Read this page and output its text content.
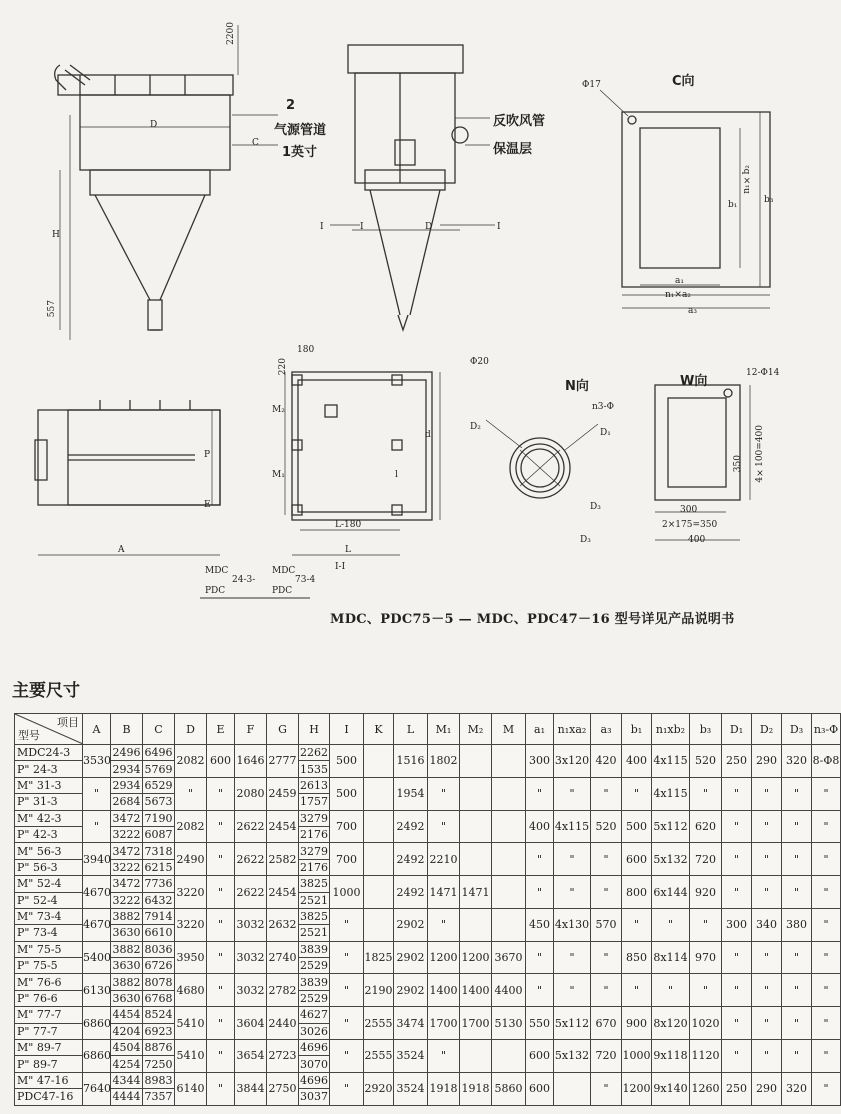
2200
D
H
557
C
I	I	D	I
2
气源管道
1英寸
反吹风管
保温层
C向
Φ17
b₁
n₁×b₂
b₃
a₁
n₁×a₂
a₃
A
P
E
180
220
M₂
M₁
d
l
L-180
L
I-I
N向
Φ20
n3-Φ
D₂
D₁
D₃
D₃
W向
12-Φ14
350 4×100=400
300
2×175=350
400
MDC
24-3-
PDC
MDC
73-4
PDC
MDC、PDC75－5 — MDC、PDC47－16 型号详见产品说明书
主要尺寸
项目
型号	A	B	C	D	E	F	G	H	I	K	L	M₁	M₂	M	a₁	n₁xa₂	a₃	b₁	n₁xb₂	b₃	D₁	D₂	D₃	n₃-Φ
MDC24-3	3530	2496	6496	2082	600	1646	2777	2262	500		1516	1802			300	3x120	420	400	4x115	520	250	290	320	8-Φ8
P" 24-3		2934	5769					1535																
M" 31-3	"	2934	6529	"	"	2080	2459	2613	500		1954	"			"	"	"	"	4x115	"	"	"	"	"
P" 31-3		2684	5673					1757																
M" 42-3	"	3472	7190	2082	"	2622	2454	3279	700		2492	"			400	4x115	520	500	5x112	620	"	"	"	"
P" 42-3		3222	6087					2176																
M" 56-3	3940	3472	7318	2490	"	2622	2582	3279	700		2492	2210			"	"	"	600	5x132	720	"	"	"	"
P" 56-3		3222	6215					2176																
M" 52-4	4670	3472	7736	3220	"	2622	2454	3825	1000		2492	1471	1471		"	"	"	800	6x144	920	"	"	"	"
P" 52-4		3222	6432					2521																
M" 73-4	4670	3882	7914	3220	"	3032	2632	3825	"		2902	"			450	4x130	570	"	"	"	300	340	380	"
P" 73-4		3630	6610					2521																
M" 75-5	5400	3882	8036	3950	"	3032	2740	3839	"	1825	2902	1200	1200	3670	"	"	"	850	8x114	970	"	"	"	"
P" 75-5		3630	6726					2529																
M" 76-6	6130	3882	8078	4680	"	3032	2782	3839	"	2190	2902	1400	1400	4400	"	"	"	"	"	"	"	"	"	"
P" 76-6		3630	6768					2529																
M" 77-7	6860	4454	8524	5410	"	3604	2440	4627	"	2555	3474	1700	1700	5130	550	5x112	670	900	8x120	1020	"	"	"	"
P" 77-7		4204	6923					3026																
M" 89-7	6860	4504	8876	5410	"	3654	2723	4696	"	2555	3524	"			600	5x132	720	1000	9x118	1120	"	"	"	"
P" 89-7		4254	7250					3070																
M" 47-16	7640	4344	8983	6140	"	3844	2750	4696	"	2920	3524	1918	1918	5860	600		"	1200	9x140	1260	250	290	320	"
PDC47-16		4444	7357					3037																
